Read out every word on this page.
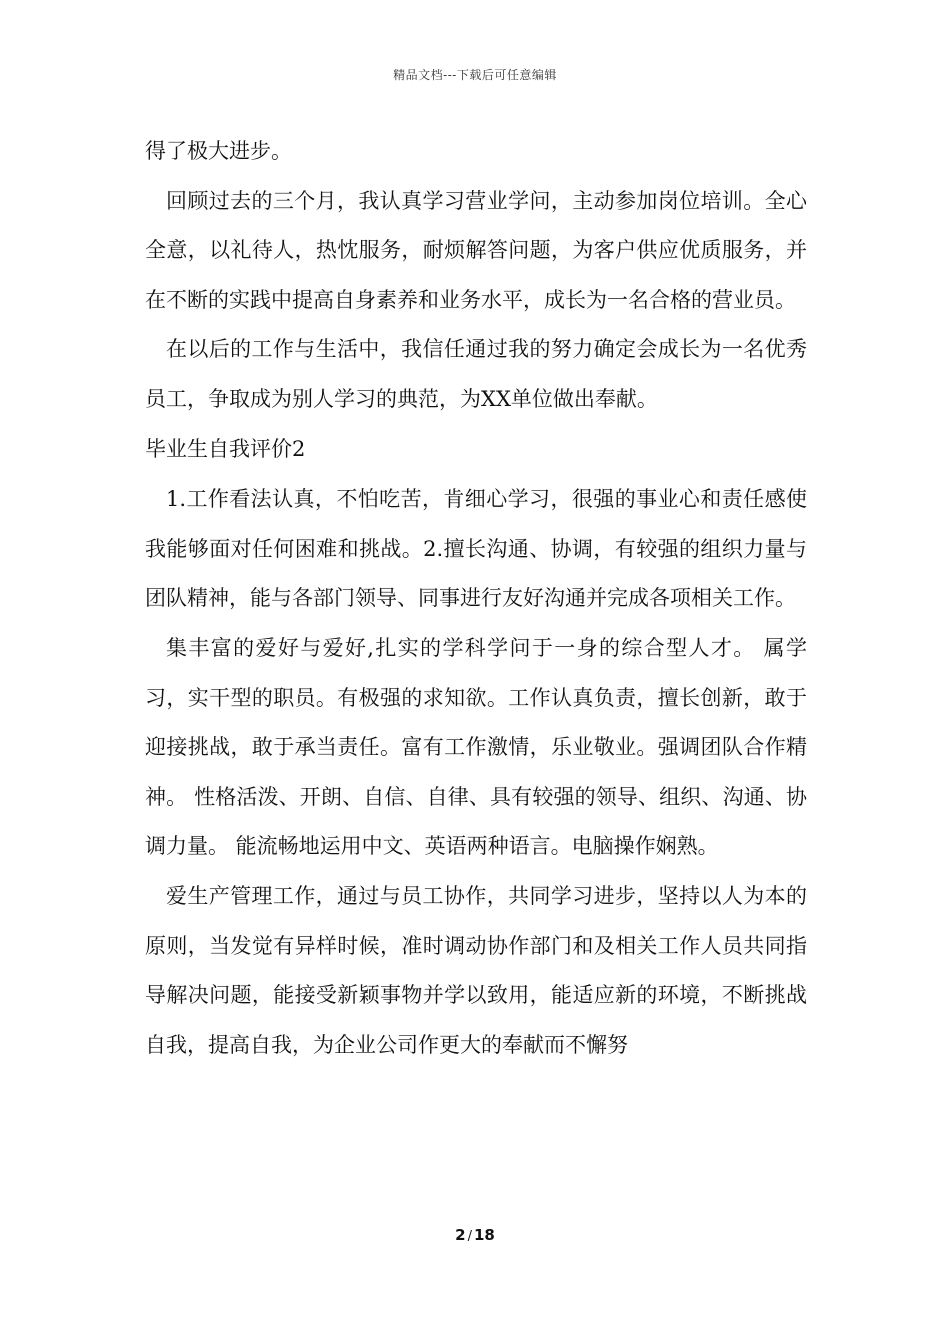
精品文档---下载后可任意编辑

得了极大进步。

回顾过去的三个月，我认真学习营业学问，主动参加岗位培训。全心全意，以礼待人，热忱服务，耐烦解答问题，为客户供应优质服务，并在不断的实践中提高自身素养和业务水平，成长为一名合格的营业员。

在以后的工作与生活中，我信任通过我的努力确定会成长为一名优秀员工，争取成为别人学习的典范，为XX单位做出奉献。

毕业生自我评价2

1.工作看法认真，不怕吃苦，肯细心学习，很强的事业心和责任感使我能够面对任何困难和挑战。2.擅长沟通、协调，有较强的组织力量与团队精神，能与各部门领导、同事进行友好沟通并完成各项相关工作。

集丰富的爱好与爱好,扎实的学科学问于一身的综合型人才。 属学习，实干型的职员。有极强的求知欲。工作认真负责，擅长创新，敢于迎接挑战，敢于承当责任。富有工作激情，乐业敬业。强调团队合作精神。 性格活泼、开朗、自信、自律、具有较强的领导、组织、沟通、协调力量。 能流畅地运用中文、英语两种语言。电脑操作娴熟。

爱生产管理工作，通过与员工协作，共同学习进步，坚持以人为本的原则，当发觉有异样时候，准时调动协作部门和及相关工作人员共同指导解决问题，能接受新颖事物并学以致用，能适应新的环境，不断挑战自我，提高自我，为企业公司作更大的奉献而不懈努

2 / 18
